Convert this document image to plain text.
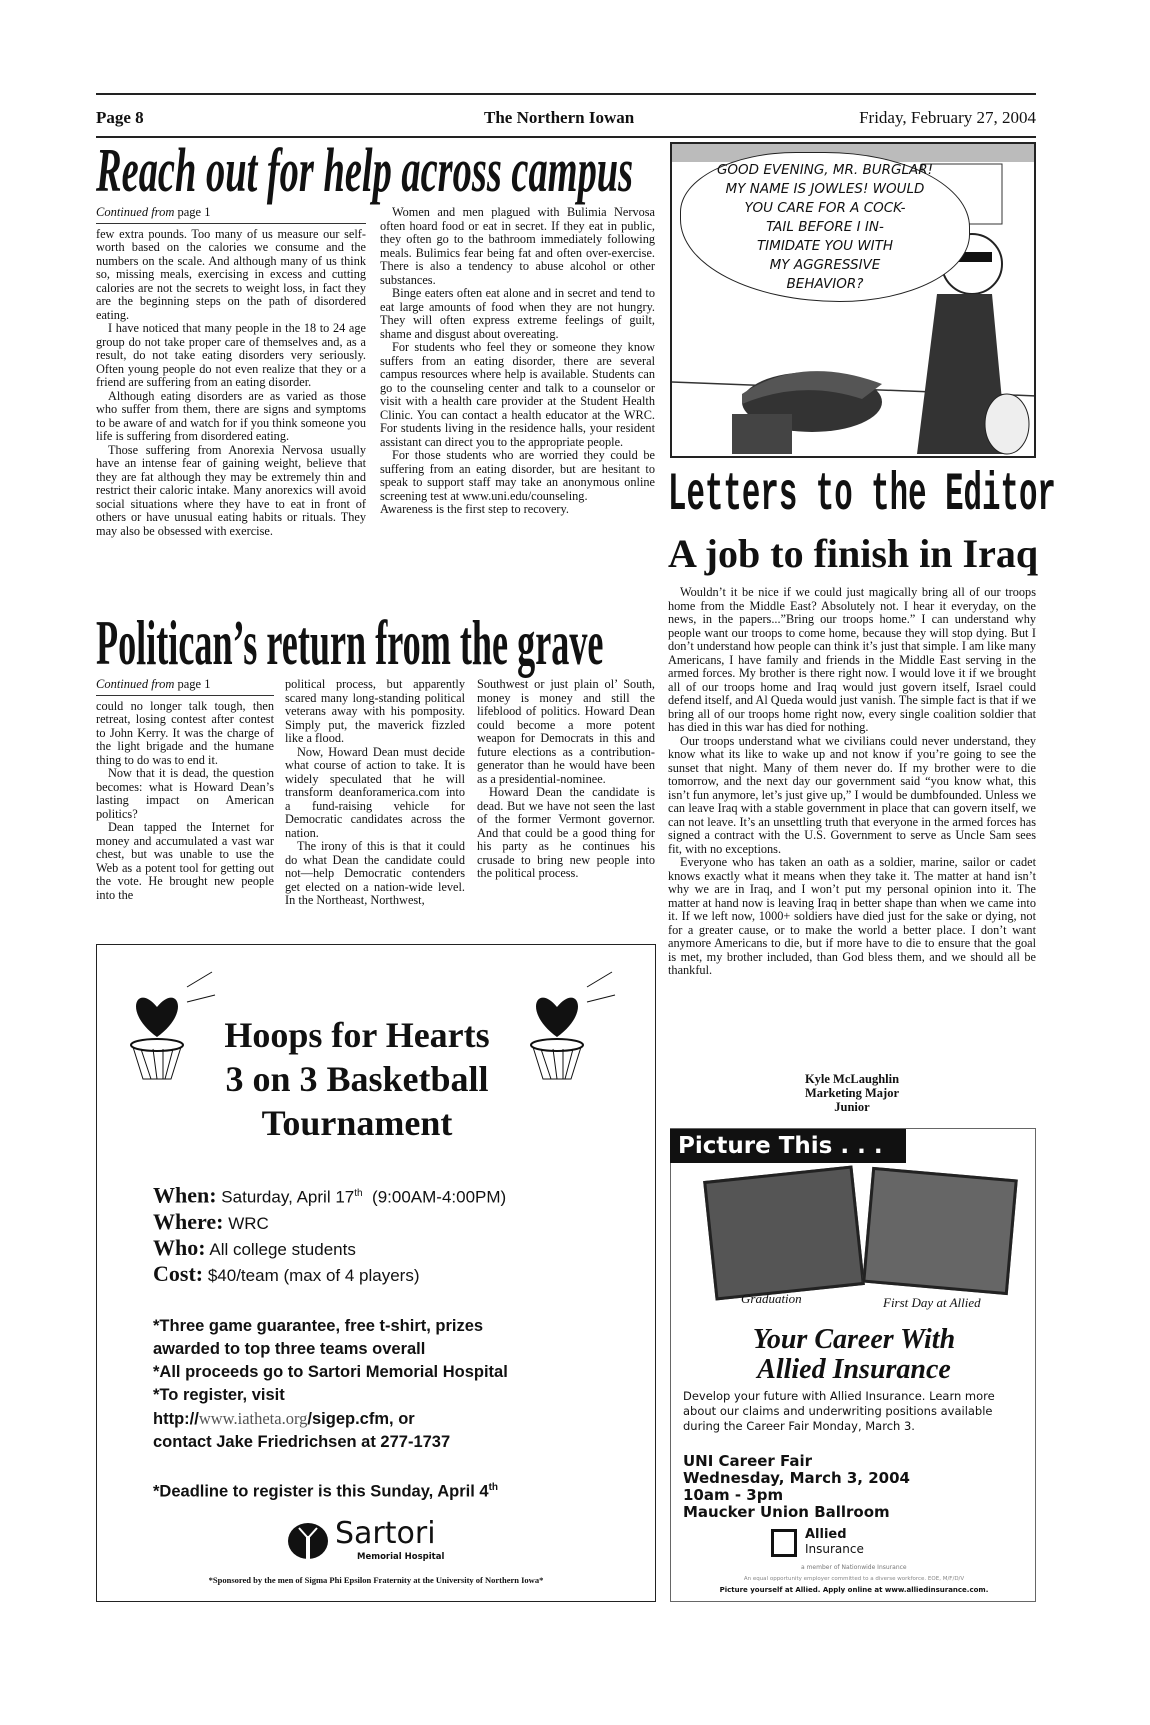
Page 8	The Northern Iowan	Friday, February 27, 2004
Reach out for help across campus
Continued from page 1

few extra pounds. Too many of us measure our self-worth based on the calories we consume and the numbers on the scale. And although many of us think so, missing meals, exercising in excess and cutting calories are not the secrets to weight loss, in fact they are the beginning steps on the path of disordered eating.

I have noticed that many people in the 18 to 24 age group do not take proper care of themselves and, as a result, do not take eating disorders very seriously. Often young people do not even realize that they or a friend are suffering from an eating disorder.

Although eating disorders are as varied as those who suffer from them, there are signs and symptoms to be aware of and watch for if you think someone you life is suffering from disordered eating.

Those suffering from Anorexia Nervosa usually have an intense fear of gaining weight, believe that they are fat although they may be extremely thin and restrict their caloric intake. Many anorexics will avoid social situations where they have to eat in front of others or have unusual eating habits or rituals. They may also be obsessed with exercise.

Women and men plagued with Bulimia Nervosa often hoard food or eat in secret. If they eat in public, they often go to the bathroom immediately following meals. Bulimics fear being fat and often over-exercise. There is also a tendency to abuse alcohol or other substances.

Binge eaters often eat alone and in secret and tend to eat large amounts of food when they are not hungry. They will often express extreme feelings of guilt, shame and disgust about overeating.

For students who feel they or someone they know suffers from an eating disorder, there are several campus resources where help is available. Students can go to the counseling center and talk to a counselor or visit with a health care provider at the Student Health Clinic. You can contact a health educator at the WRC. For students living in the residence halls, your resident assistant can direct you to the appropriate people.

For those students who are worried they could be suffering from an eating disorder, but are hesitant to speak to support staff may take an anonymous online screening test at www.uni.edu/counseling.

Awareness is the first step to recovery.

Politican’s return from the grave
Continued from page 1

could no longer talk tough, then retreat, losing contest after contest to John Kerry. It was the charge of the light brigade and the humane thing to do was to end it.

Now that it is dead, the question becomes: what is Howard Dean’s lasting impact on American politics?

Dean tapped the Internet for money and accumulated a vast war chest, but was unable to use the Web as a potent tool for getting out the vote. He brought new people into the

political process, but apparently scared many long-standing political veterans away with his pomposity. Simply put, the maverick fizzled like a flood.

Now, Howard Dean must decide what course of action to take. It is widely speculated that he will transform deanforamerica.com into a fund-raising vehicle for Democratic candidates across the nation.

The irony of this is that it could do what Dean the candidate could not—help Democratic contenders get elected on a nation-wide level. In the Northeast, Northwest,

Southwest or just plain ol’ South, money is money and still the lifeblood of politics. Howard Dean could become a more potent weapon for Democrats in this and future elections as a contribution-generator than he would have been as a presidential-nominee.

Howard Dean the candidate is dead. But we have not seen the last of the former Vermont governor. And that could be a good thing for his party as he continues his crusade to bring new people into the political process.

GOOD EVENING, MR. BURGLAR!
MY NAME IS JOWLES! WOULD
YOU CARE FOR A COCK-
TAIL BEFORE I IN-
TIMIDATE YOU WITH
MY AGGRESSIVE
BEHAVIOR?
Letters to the Editor
A job to finish in Iraq

Wouldn’t it be nice if we could just magically bring all of our troops home from the Middle East? Absolutely not. I hear it everyday, on the news, in the papers...”Bring our troops home.” I can understand why people want our troops to come home, because they will stop dying. But I don’t understand how people can think it’s just that simple. I am like many Americans, I have family and friends in the Middle East serving in the armed forces. My brother is there right now. I would love it if we brought all of our troops home and Iraq would just govern itself, Israel could defend itself, and Al Queda would just vanish. The simple fact is that if we bring all of our troops home right now, every single coalition soldier that has died in this war has died for nothing.

Our troops understand what we civilians could never understand, they know what its like to wake up and not know if you’re going to see the sunset that night. Many of them never do. If my brother were to die tomorrow, and the next day our government said “you know what, this isn’t fun anymore, let’s just give up,” I would be dumbfounded. Unless we can leave Iraq with a stable government in place that can govern itself, we can not leave. It’s an unsettling truth that everyone in the armed forces has signed a contract with the U.S. Government to serve as Uncle Sam sees fit, with no exceptions.

Everyone who has taken an oath as a soldier, marine, sailor or cadet knows exactly what it means when they take it. The matter at hand isn’t why we are in Iraq, and I won’t put my personal opinion into it. The matter at hand now is leaving Iraq in better shape than when we came into it. If we left now, 1000+ soldiers have died just for the sake or dying, not for a greater cause, or to make the world a better place. I don’t want anymore Americans to die, but if more have to die to ensure that the goal is met, my brother included, than God bless them, and we should all be thankful.

Kyle McLaughlin
Marketing Major
Junior
Hoops for Hearts
3 on 3 Basketball
Tournament
When: Saturday, April 17th (9:00AM-4:00PM)
Where: WRC
Who: All college students
Cost: $40/team (max of 4 players)
*Three game guarantee, free t-shirt, prizes
awarded to top three teams overall
*All proceeds go to Sartori Memorial Hospital
*To register, visit
http://www.iatheta.org/sigep.cfm, or
contact Jake Friedrichsen at 277-1737
*Deadline to register is this Sunday, April 4th
Sartori
Memorial Hospital
*Sponsored by the men of Sigma Phi Epsilon Fraternity at the University of Northern Iowa*
Picture This . . .
Graduation	First Day at Allied
Your Career With
Allied Insurance
Develop your future with Allied Insurance. Learn more about our claims and underwriting positions available during the Career Fair Monday, March 3.
UNI Career Fair
Wednesday, March 3, 2004
10am - 3pm
Maucker Union Ballroom
Allied
Insurance
a member of Nationwide Insurance
An equal opportunity employer committed to a diverse workforce. EOE, M/F/D/V
Picture yourself at Allied. Apply online at www.alliedinsurance.com.
